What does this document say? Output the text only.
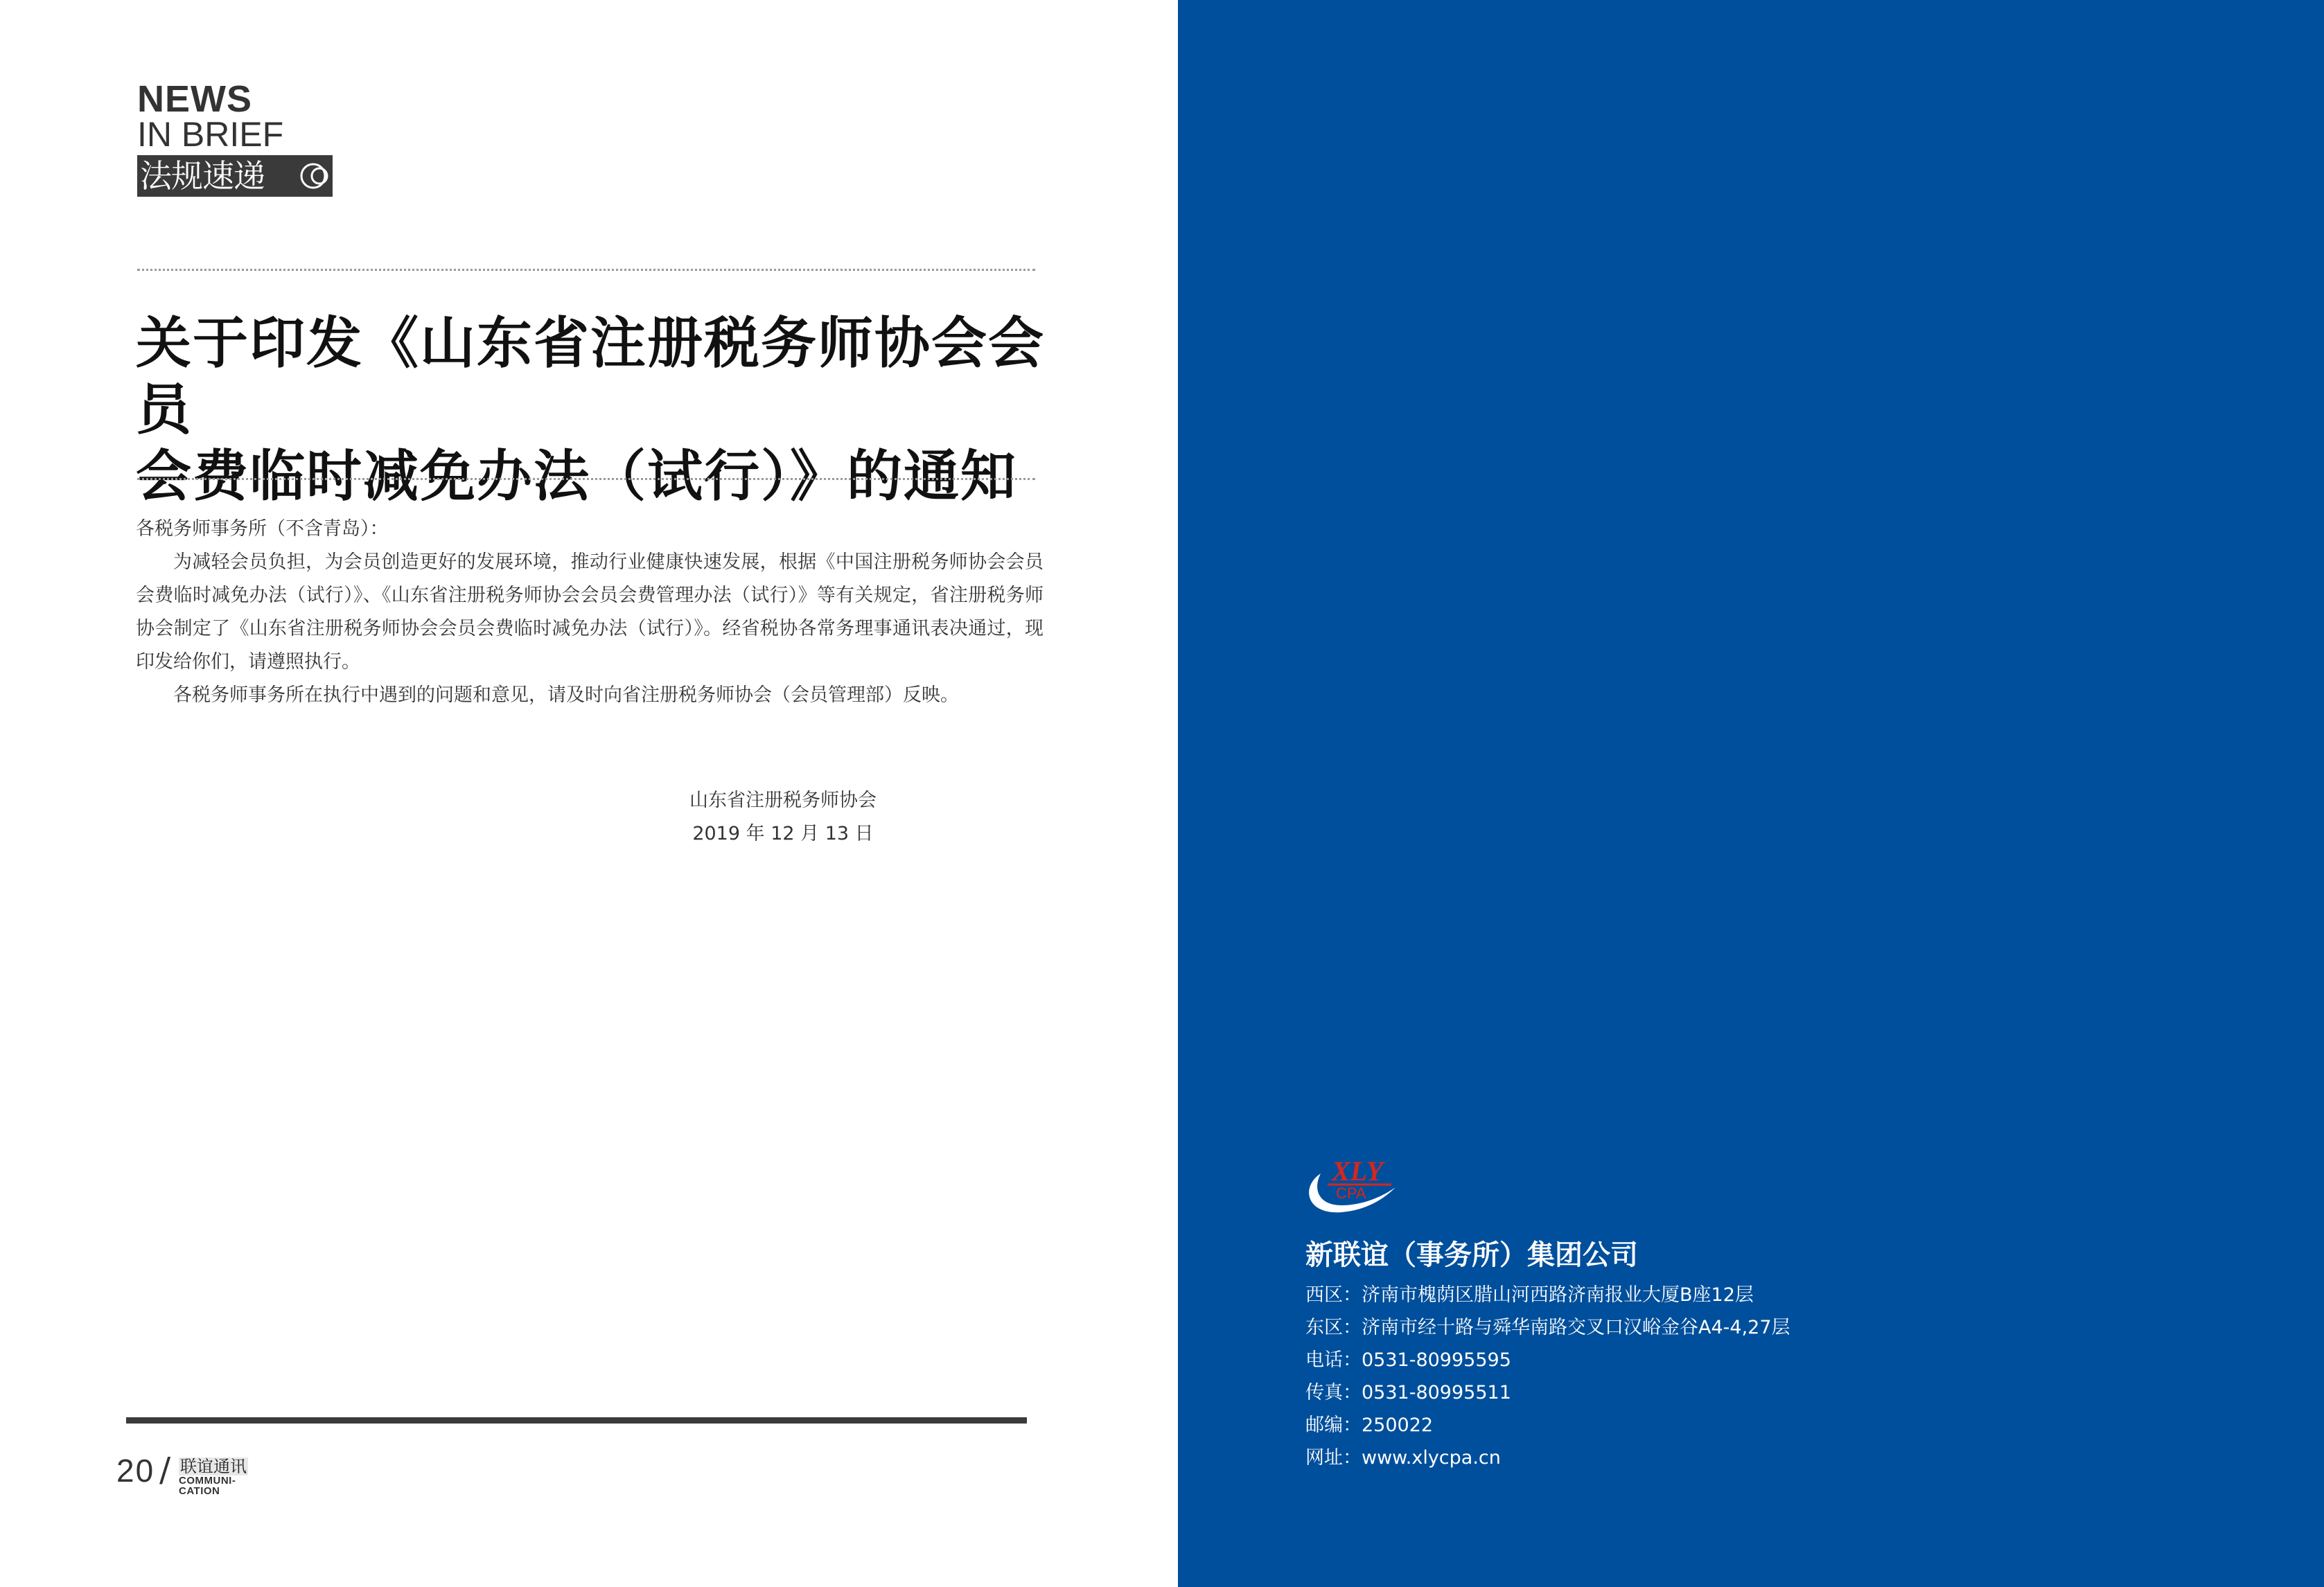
NEWS
IN BRIEF
法规速递
关于印发《山东省注册税务师协会会员
会费临时减免办法（试行）》的通知

各税务师事务所（不含青岛）：

为减轻会员负担，为会员创造更好的发展环境，推动行业健康快速发展，根据《中国注册税务师协会会员会费临时减免办法（试行）》、《山东省注册税务师协会会员会费管理办法（试行）》等有关规定，省注册税务师协会制定了《山东省注册税务师协会会员会费临时减免办法（试行）》。经省税协各常务理事通讯表决通过，现印发给你们，请遵照执行。

各税务师事务所在执行中遇到的问题和意见，请及时向省注册税务师协会（会员管理部）反映。

山东省注册税务师协会
2019 年 12 月 13 日
20 / 联谊通讯
COMMUNI-
CATION
XLY
CPA
新联谊（事务所）集团公司
西区：济南市槐荫区腊山河西路济南报业大厦B座12层
东区：济南市经十路与舜华南路交叉口汉峪金谷A4-4,27层
电话：0531-80995595
传真：0531-80995511
邮编：250022
网址：www.xlycpa.cn
